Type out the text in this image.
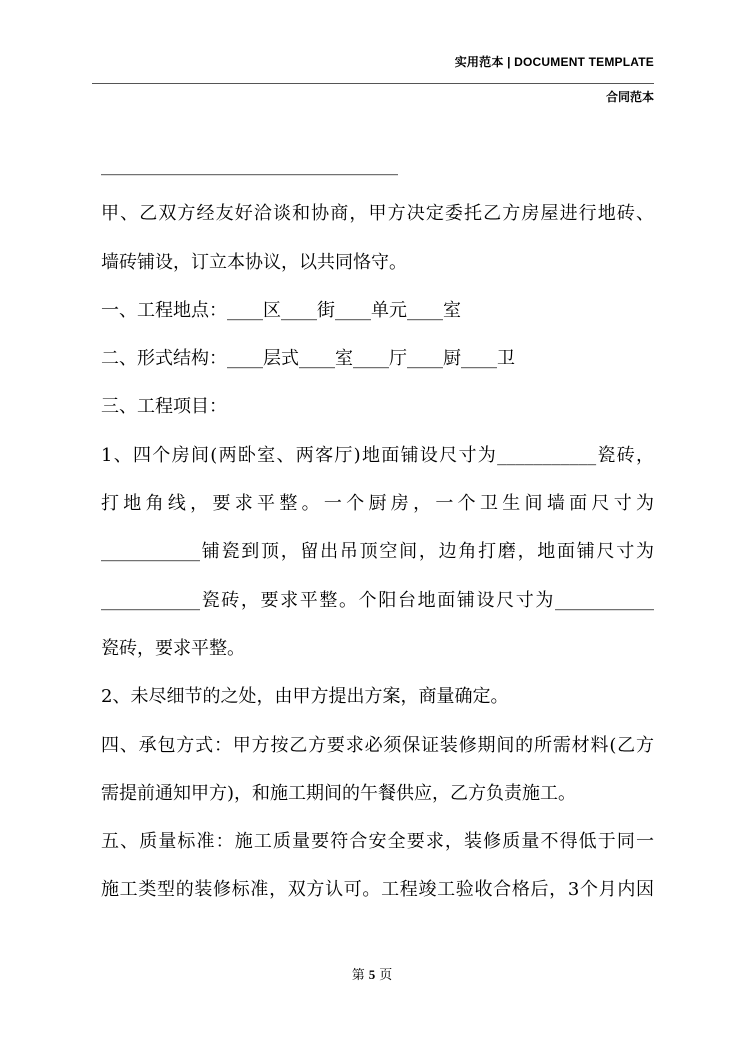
实用范本 | DOCUMENT TEMPLATE
合同范本
_________________________________
甲、乙双方经友好洽谈和协商，甲方决定委托乙方房屋进行地砖、
墙砖铺设，订立本协议，以共同恪守。
一、工程地点：____区____街____单元____室
二、形式结构：____层式____室____厅____厨____卫
三、工程项目：
1、四个房间(两卧室、两客厅)地面铺设尺寸为___________瓷砖，
打地角线，要求平整。一个厨房，一个卫生间墙面尺寸为
___________铺瓷到顶，留出吊顶空间，边角打磨，地面铺尺寸为
___________瓷砖，要求平整。个阳台地面铺设尺寸为___________
瓷砖，要求平整。
2、未尽细节的之处，由甲方提出方案，商量确定。
四、承包方式：甲方按乙方要求必须保证装修期间的所需材料(乙方
需提前通知甲方)，和施工期间的午餐供应，乙方负责施工。
五、质量标准：施工质量要符合安全要求，装修质量不得低于同一
施工类型的装修标准，双方认可。工程竣工验收合格后，3个月内因
第 5 页
